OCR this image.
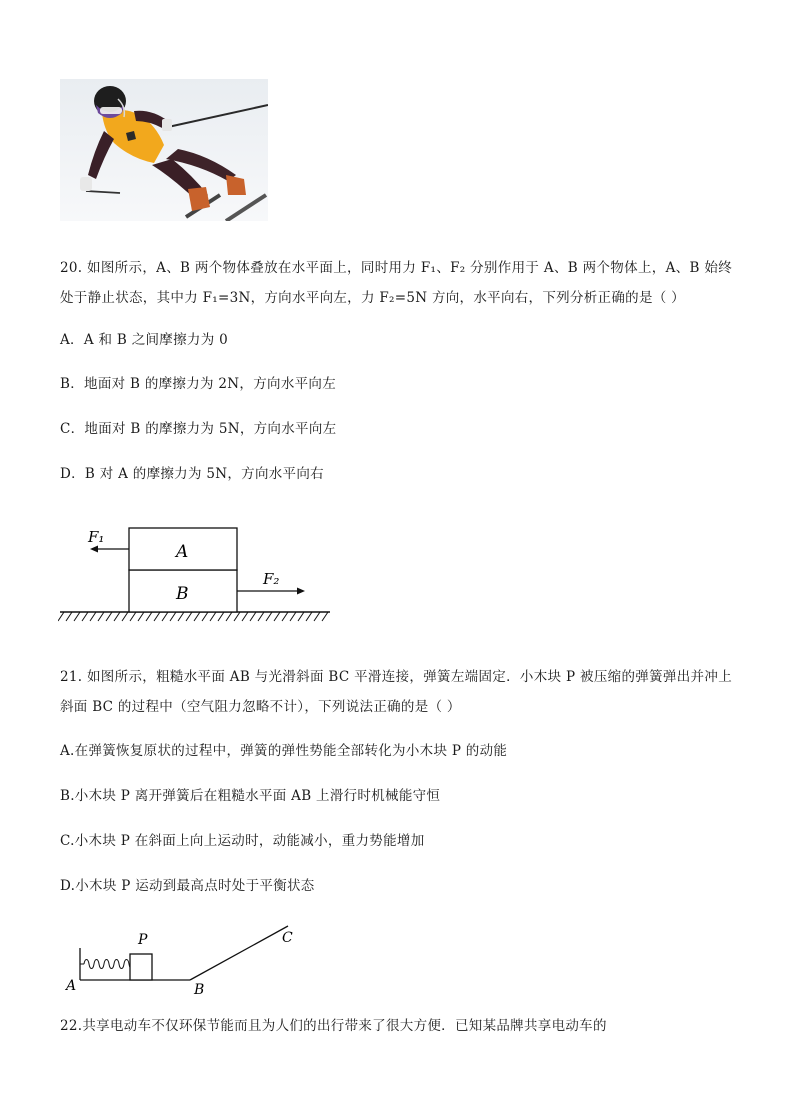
20. 如图所示，A、B 两个物体叠放在水平面上，同时用力 F₁、F₂ 分别作用于 A、B 两个物体上，A、B 始终处于静止状态，其中力 F₁=3N，方向水平向左，力 F₂=5N 方向，水平向右，下列分析正确的是（ ）
A．A 和 B 之间摩擦力为 0
B．地面对 B 的摩擦力为 2N，方向水平向左
C．地面对 B 的摩擦力为 5N，方向水平向左
D．B 对 A 的摩擦力为 5N，方向水平向右
A
B
F₁
F₂
21. 如图所示，粗糙水平面 AB 与光滑斜面 BC 平滑连接，弹簧左端固定．小木块 P 被压缩的弹簧弹出并冲上斜面 BC 的过程中（空气阻力忽略不计），下列说法正确的是（ ）
A.在弹簧恢复原状的过程中，弹簧的弹性势能全部转化为小木块 P 的动能
B.小木块 P 离开弹簧后在粗糙水平面 AB 上滑行时机械能守恒
C.小木块 P 在斜面上向上运动时，动能减小，重力势能增加
D.小木块 P 运动到最高点时处于平衡状态
P
A	B
C
22.共享电动车不仅环保节能而且为人们的出行带来了很大方便．已知某品牌共享电动车的
